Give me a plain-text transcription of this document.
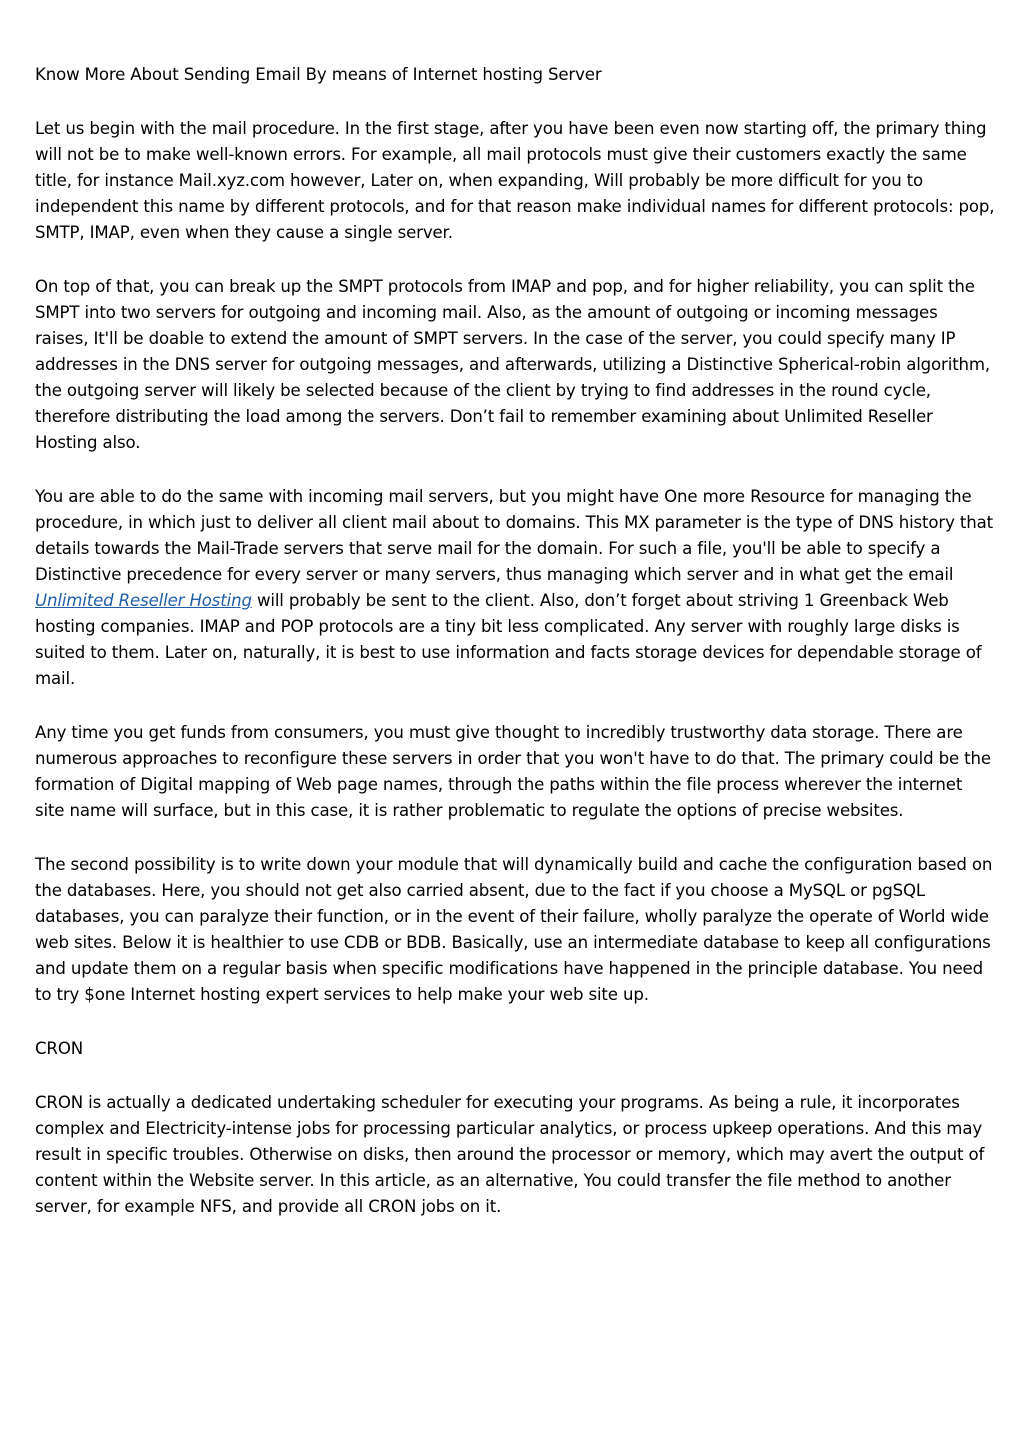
Know More About Sending Email By means of Internet hosting Server

Let us begin with the mail procedure. In the first stage, after you have been even now starting off, the primary thing will not be to make well-known errors. For example, all mail protocols must give their customers exactly the same title, for instance Mail.xyz.com however, Later on, when expanding, Will probably be more difficult for you to independent this name by different protocols, and for that reason make individual names for different protocols: pop, SMTP, IMAP, even when they cause a single server.

On top of that, you can break up the SMPT protocols from IMAP and pop, and for higher reliability, you can split the SMPT into two servers for outgoing and incoming mail. Also, as the amount of outgoing or incoming messages raises, It'll be doable to extend the amount of SMPT servers. In the case of the server, you could specify many IP addresses in the DNS server for outgoing messages, and afterwards, utilizing a Distinctive Spherical-robin algorithm, the outgoing server will likely be selected because of the client by trying to find addresses in the round cycle, therefore distributing the load among the servers. Don’t fail to remember examining about Unlimited Reseller Hosting also.

You are able to do the same with incoming mail servers, but you might have One more Resource for managing the procedure, in which just to deliver all client mail about to domains. This MX parameter is the type of DNS history that details towards the Mail-Trade servers that serve mail for the domain. For such a file, you'll be able to specify a Distinctive precedence for every server or many servers, thus managing which server and in what get the email Unlimited Reseller Hosting will probably be sent to the client. Also, don’t forget about striving 1 Greenback Web hosting companies. IMAP and POP protocols are a tiny bit less complicated. Any server with roughly large disks is suited to them. Later on, naturally, it is best to use information and facts storage devices for dependable storage of mail.

Any time you get funds from consumers, you must give thought to incredibly trustworthy data storage. There are numerous approaches to reconfigure these servers in order that you won't have to do that. The primary could be the formation of Digital mapping of Web page names, through the paths within the file process wherever the internet site name will surface, but in this case, it is rather problematic to regulate the options of precise websites.

The second possibility is to write down your module that will dynamically build and cache the configuration based on the databases. Here, you should not get also carried absent, due to the fact if you choose a MySQL or pgSQL databases, you can paralyze their function, or in the event of their failure, wholly paralyze the operate of World wide web sites. Below it is healthier to use CDB or BDB. Basically, use an intermediate database to keep all configurations and update them on a regular basis when specific modifications have happened in the principle database. You need to try $one Internet hosting expert services to help make your web site up.

CRON

CRON is actually a dedicated undertaking scheduler for executing your programs. As being a rule, it incorporates complex and Electricity-intense jobs for processing particular analytics, or process upkeep operations. And this may result in specific troubles. Otherwise on disks, then around the processor or memory, which may avert the output of content within the Website server. In this article, as an alternative, You could transfer the file method to another server, for example NFS, and provide all CRON jobs on it.
